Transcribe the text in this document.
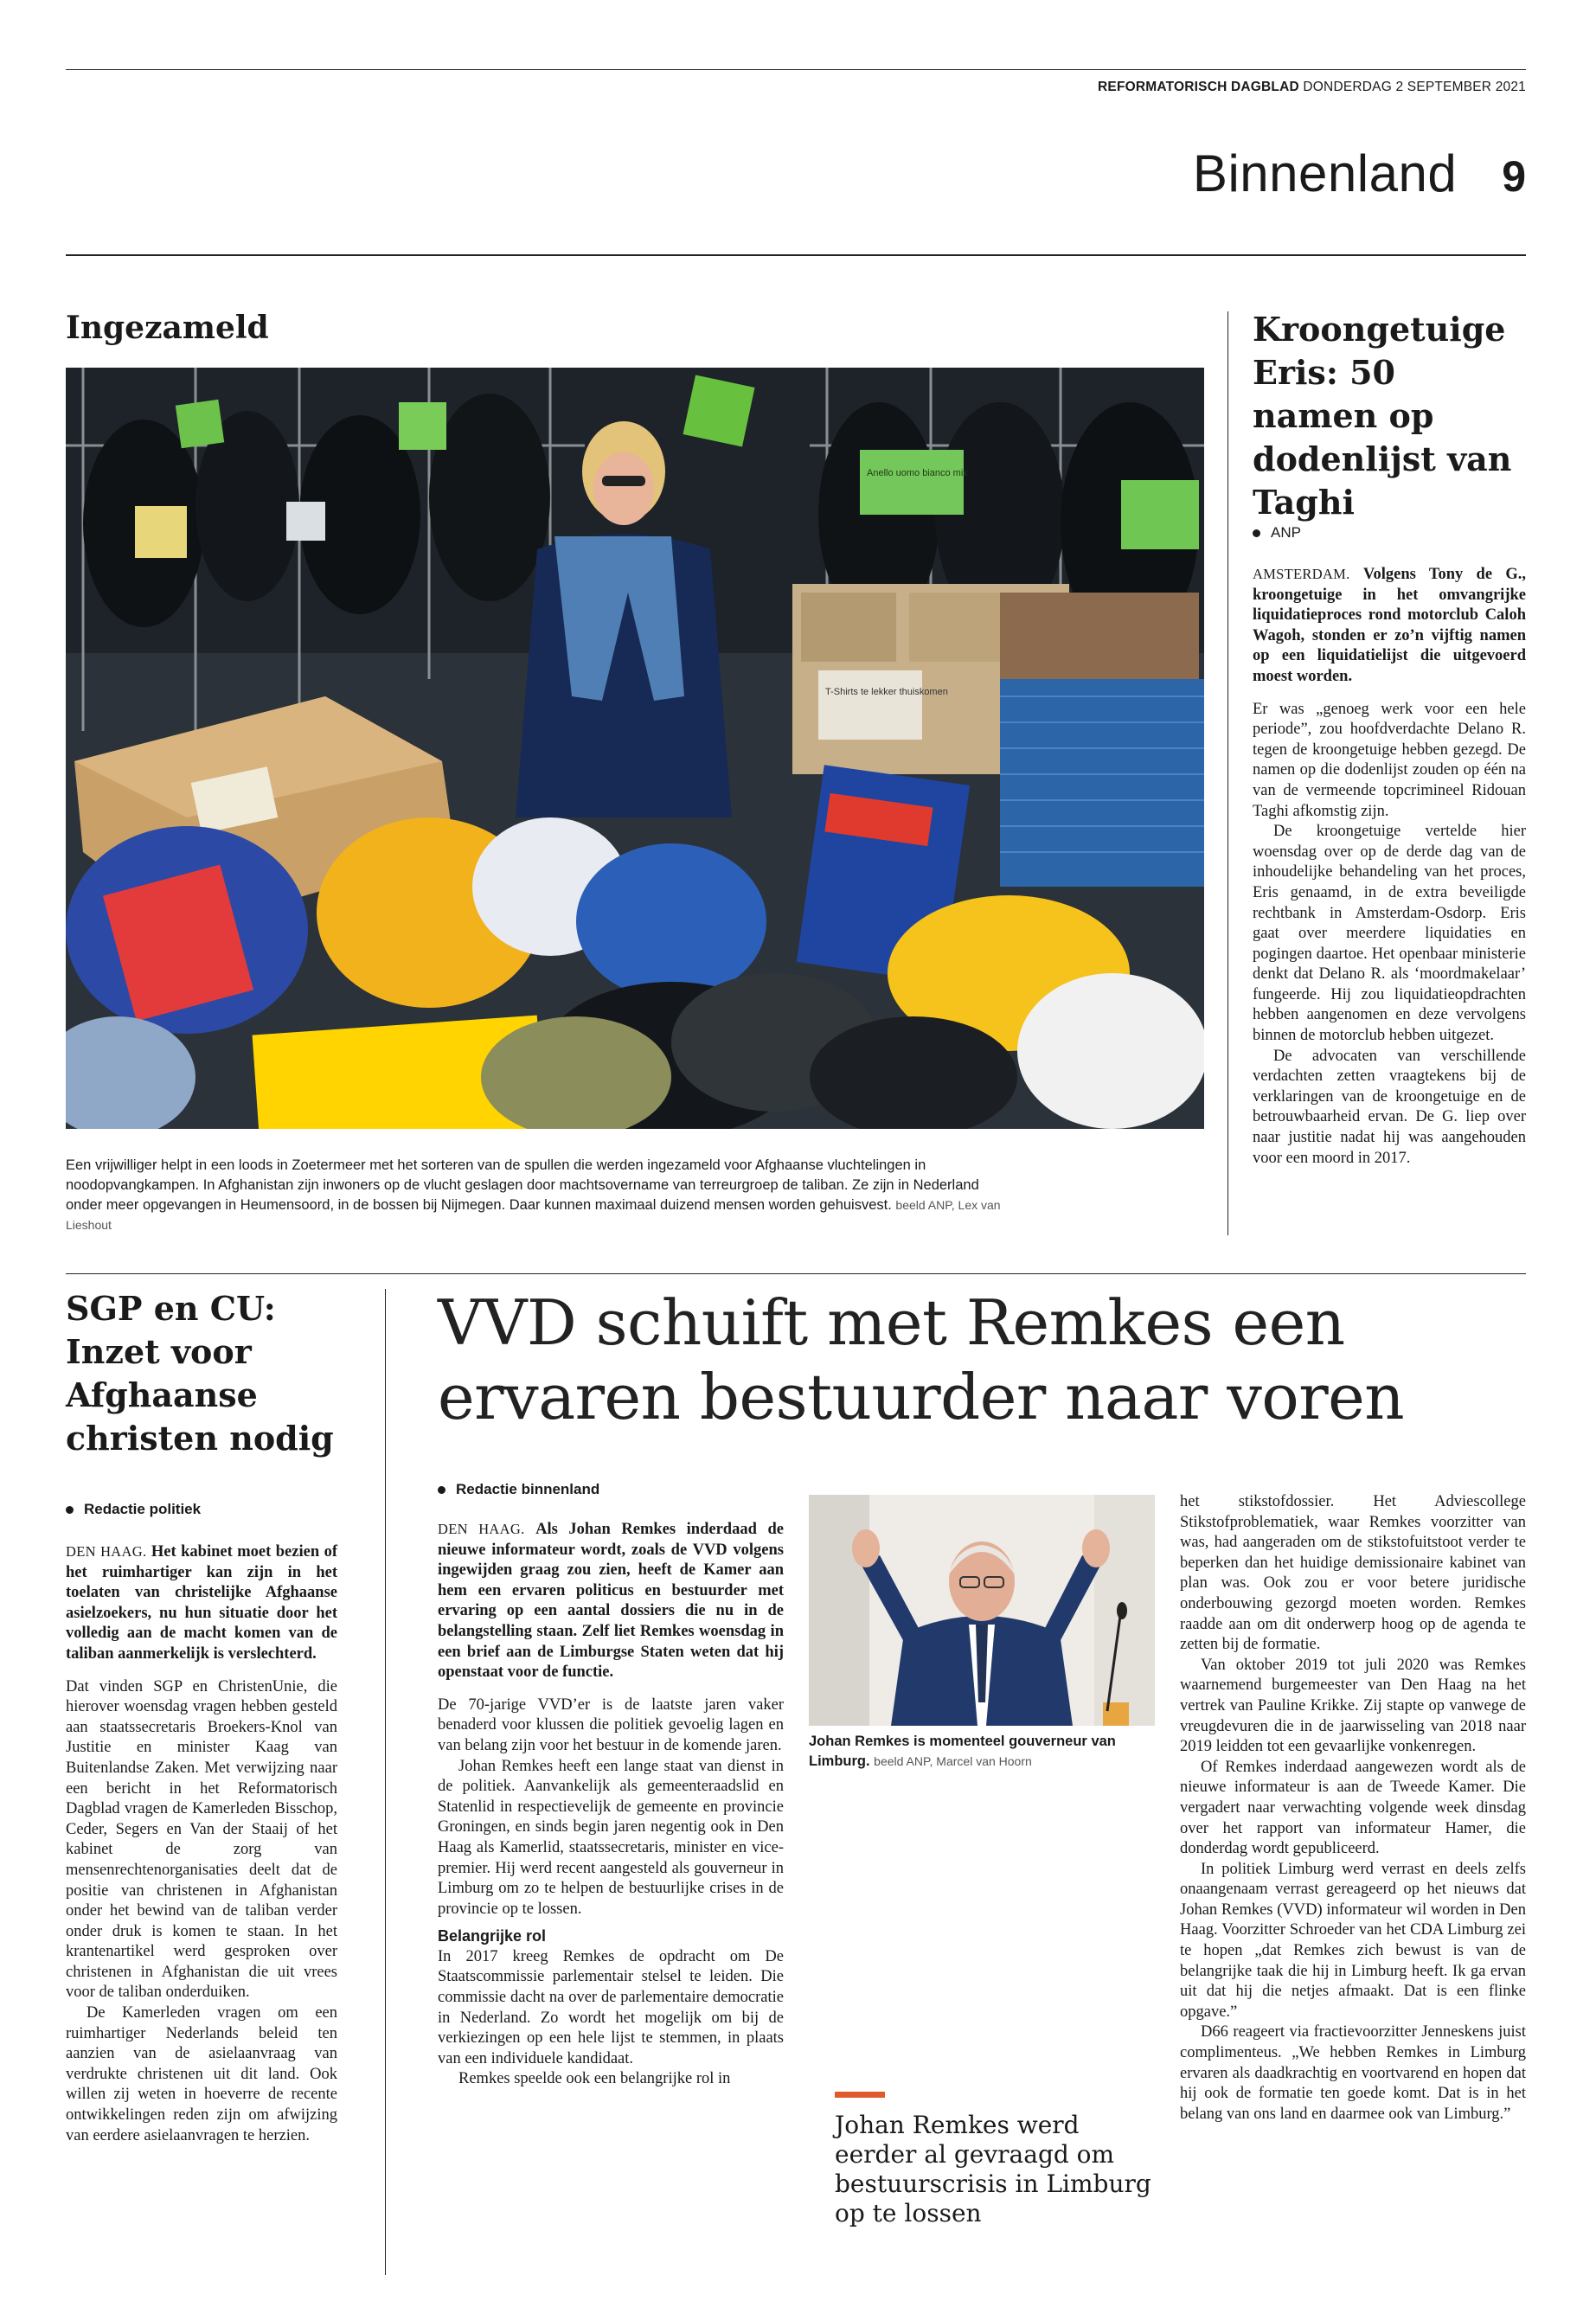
REFORMATORISCH DAGBLAD DONDERDAG 2 SEPTEMBER 2021
Binnenland 9
Ingezameld
Anello uomo bianco mix
T-Shirts te lekker thuiskomen
Een vrijwilliger helpt in een loods in Zoetermeer met het sorteren van de spullen die werden ingezameld voor Afghaanse vluchtelingen in noodopvangkampen. In Afghanistan zijn inwoners op de vlucht geslagen door machtsovername van terreurgroep de taliban. Ze zijn in Nederland onder meer opgevangen in Heumensoord, in de bossen bij Nijmegen. Daar kunnen maximaal duizend mensen worden gehuisvest. beeld ANP, Lex van Lieshout
Kroongetuige Eris: 50 namen op dodenlijst van Taghi
ANP

AMSTERDAM. Volgens Tony de G., kroongetuige in het omvangrijke liquidatieproces rond motorclub Caloh Wagoh, stonden er zo’n vijftig namen op een liquidatielijst die uitgevoerd moest worden.

Er was „genoeg werk voor een hele periode”, zou hoofdverdachte Delano R. tegen de kroongetuige hebben gezegd. De namen op die dodenlijst zouden op één na van de vermeende topcrimineel Ridouan Taghi afkomstig zijn.

De kroongetuige vertelde hier woensdag over op de derde dag van de inhoudelijke behandeling van het proces, Eris genaamd, in de extra beveiligde rechtbank in Amsterdam-Osdorp. Eris gaat over meerdere liquidaties en pogingen daartoe. Het openbaar ministerie denkt dat Delano R. als ‘moordmakelaar’ fungeerde. Hij zou liquidatieopdrachten hebben aangenomen en deze vervolgens binnen de motorclub hebben uitgezet.

De advocaten van verschillende verdachten zetten vraagtekens bij de verklaringen van de kroongetuige en de betrouwbaarheid ervan. De G. liep over naar justitie nadat hij was aangehouden voor een moord in 2017.

SGP en CU: Inzet voor Afghaanse christen nodig
Redactie politiek

DEN HAAG. Het kabinet moet bezien of het ruimhartiger kan zijn in het toelaten van christelijke Afghaanse asielzoekers, nu hun situatie door het volledig aan de macht komen van de taliban aanmerkelijk is verslechterd.

Dat vinden SGP en ChristenUnie, die hierover woensdag vragen hebben gesteld aan staatssecretaris Broekers-Knol van Justitie en minister Kaag van Buitenlandse Zaken. Met verwijzing naar een bericht in het Reformatorisch Dagblad vragen de Kamerleden Bisschop, Ceder, Segers en Van der Staaij of het kabinet de zorg van mensenrechtenorganisaties deelt dat de positie van christenen in Afghanistan onder het bewind van de taliban verder onder druk is komen te staan. In het krantenartikel werd gesproken over christenen in Afghanistan die uit vrees voor de taliban onderduiken.

De Kamerleden vragen om een ruimhartiger Nederlands beleid ten aanzien van de asielaanvraag van verdrukte christenen uit dit land. Ook willen zij weten in hoeverre de recente ontwikkelingen reden zijn om afwijzing van eerdere asielaanvragen te herzien.

VVD schuift met Remkes een ervaren bestuurder naar voren
Redactie binnenland

DEN HAAG. Als Johan Remkes inderdaad de nieuwe informateur wordt, zoals de VVD volgens ingewijden graag zou zien, heeft de Kamer aan hem een ervaren politicus en bestuurder met ervaring op een aantal dossiers die nu in de belangstelling staan. Zelf liet Remkes woensdag in een brief aan de Limburgse Staten weten dat hij openstaat voor de functie.

De 70-jarige VVD’er is de laatste jaren vaker benaderd voor klussen die politiek gevoelig lagen en van belang zijn voor het bestuur in de komende jaren.

Johan Remkes heeft een lange staat van dienst in de politiek. Aanvankelijk als gemeenteraadslid en Statenlid in respectievelijk de gemeente en provincie Groningen, en sinds begin jaren negentig ook in Den Haag als Kamerlid, staatssecretaris, minister en vice-premier. Hij werd recent aangesteld als gouverneur in Limburg om zo te helpen de bestuurlijke crises in de provincie op te lossen.

Belangrijke rol

In 2017 kreeg Remkes de opdracht om De Staatscommissie parlementair stelsel te leiden. Die commissie dacht na over de parlementaire democratie in Nederland. Zo wordt het mogelijk om bij de verkiezingen op een hele lijst te stemmen, in plaats van een individuele kandidaat.

Remkes speelde ook een belangrijke rol in

Johan Remkes is momenteel gouverneur van Limburg. beeld ANP, Marcel van Hoorn
Johan Remkes werd eerder al gevraagd om bestuurscrisis in Limburg op te lossen

het stikstofdossier. Het Adviescollege Stikstofproblematiek, waar Remkes voorzitter van was, had aangeraden om de stikstofuitstoot verder te beperken dan het huidige demissionaire kabinet van plan was. Ook zou er voor betere juridische onderbouwing gezorgd moeten worden. Remkes raadde aan om dit onderwerp hoog op de agenda te zetten bij de formatie.

Van oktober 2019 tot juli 2020 was Remkes waarnemend burgemeester van Den Haag na het vertrek van Pauline Krikke. Zij stapte op vanwege de vreugdevuren die in de jaarwisseling van 2018 naar 2019 leidden tot een gevaarlijke vonkenregen.

Of Remkes inderdaad aangewezen wordt als de nieuwe informateur is aan de Tweede Kamer. Die vergadert naar verwachting volgende week dinsdag over het rapport van informateur Hamer, die donderdag wordt gepubliceerd.

In politiek Limburg werd verrast en deels zelfs onaangenaam verrast gereageerd op het nieuws dat Johan Remkes (VVD) informateur wil worden in Den Haag. Voorzitter Schroeder van het CDA Limburg zei te hopen „dat Remkes zich bewust is van de belangrijke taak die hij in Limburg heeft. Ik ga ervan uit dat hij die netjes afmaakt. Dat is een flinke opgave.”

D66 reageert via fractievoorzitter Jenneskens juist complimenteus. „We hebben Remkes in Limburg ervaren als daadkrachtig en voortvarend en hopen dat hij ook de formatie ten goede komt. Dat is in het belang van ons land en daarmee ook van Limburg.”
